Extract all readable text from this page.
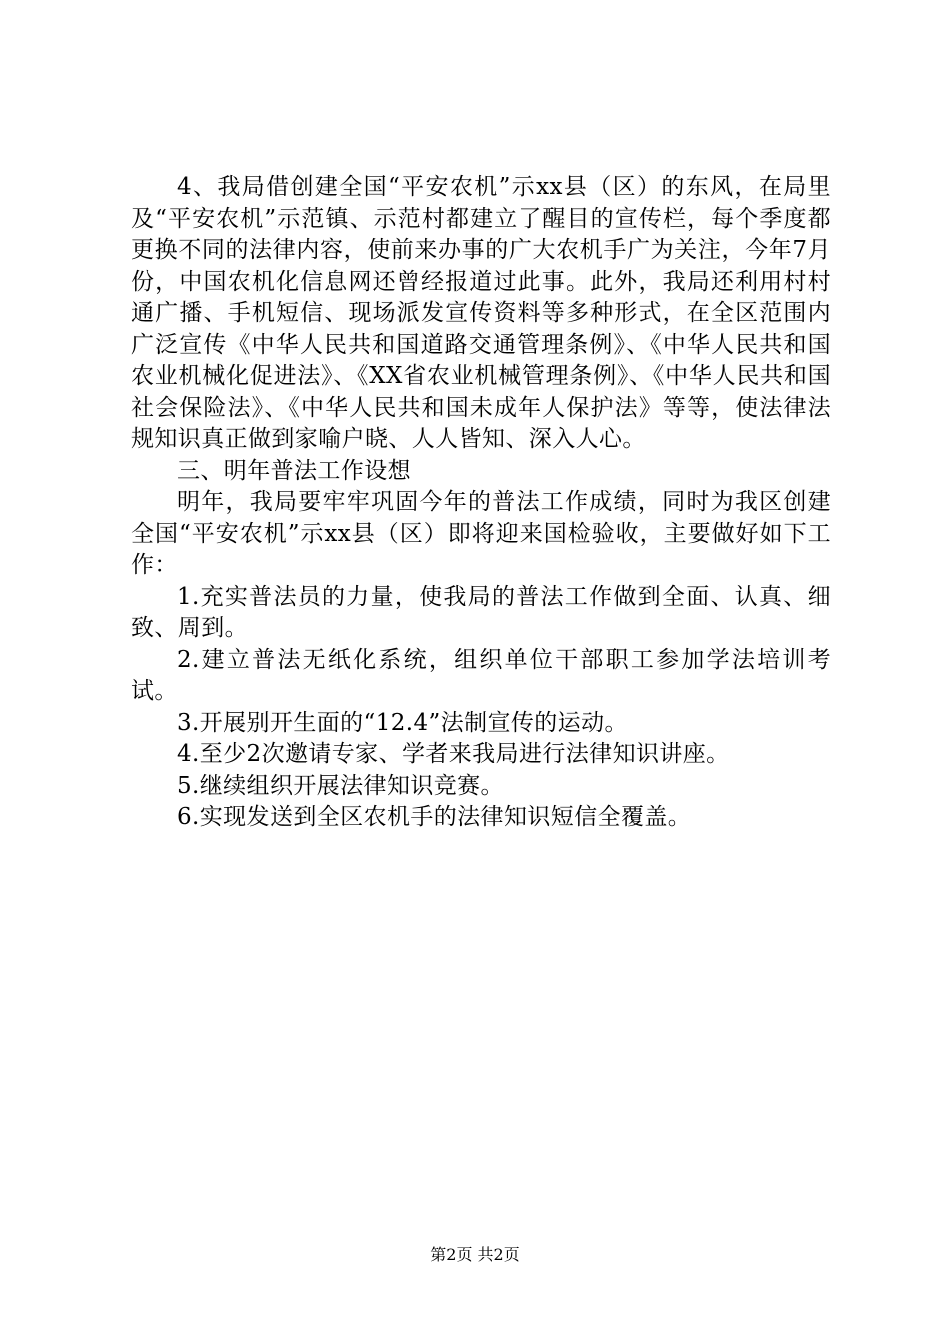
4、我局借创建全国“平安农机”示xx县（区）的东风，在局里及“平安农机”示范镇、示范村都建立了醒目的宣传栏，每个季度都更换不同的法律内容，使前来办事的广大农机手广为关注，今年7月份，中国农机化信息网还曾经报道过此事。此外，我局还利用村村通广播、手机短信、现场派发宣传资料等多种形式，在全区范围内广泛宣传《中华人民共和国道路交通管理条例》、《中华人民共和国农业机械化促进法》、《XX省农业机械管理条例》、《中华人民共和国社会保险法》、《中华人民共和国未成年人保护法》等等，使法律法规知识真正做到家喻户晓、人人皆知、深入人心。

三、明年普法工作设想

明年，我局要牢牢巩固今年的普法工作成绩，同时为我区创建全国“平安农机”示xx县（区）即将迎来国检验收，主要做好如下工作：

1.充实普法员的力量，使我局的普法工作做到全面、认真、细致、周到。

2.建立普法无纸化系统，组织单位干部职工参加学法培训考试。

3.开展别开生面的“12.4”法制宣传的运动。

4.至少2次邀请专家、学者来我局进行法律知识讲座。

5.继续组织开展法律知识竞赛。

6.实现发送到全区农机手的法律知识短信全覆盖。

第2页 共2页
